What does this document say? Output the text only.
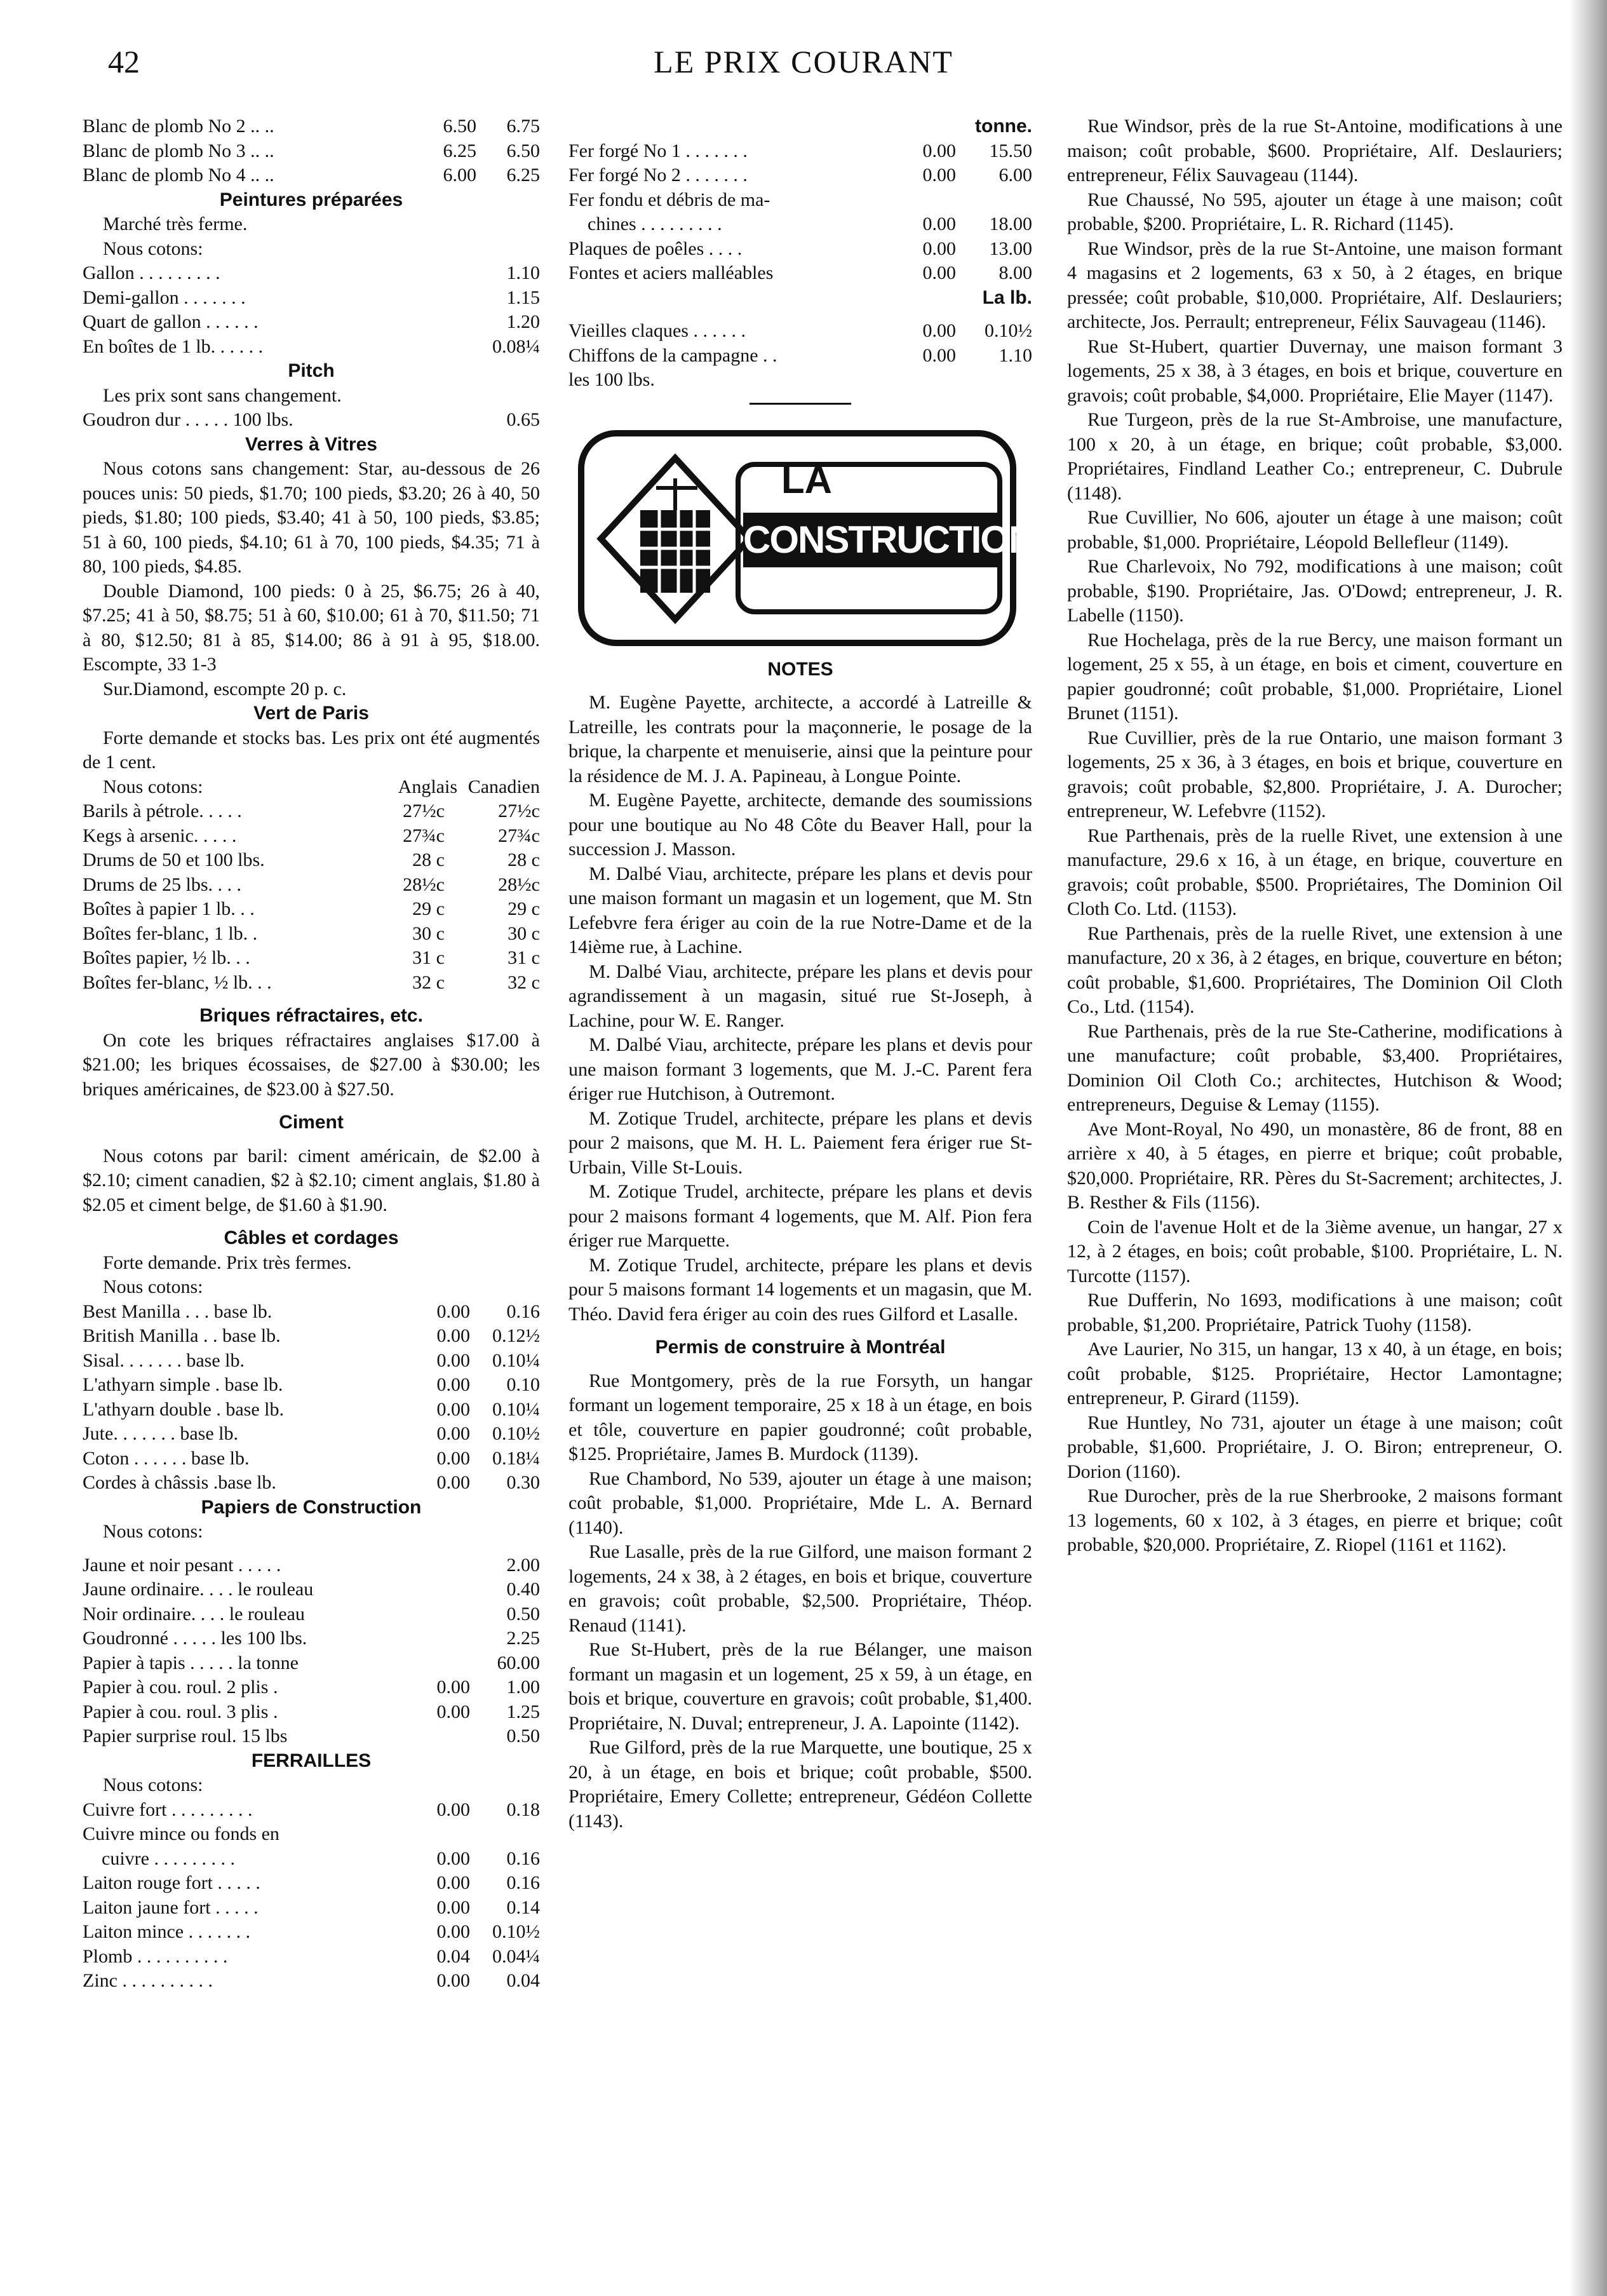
42	LE PRIX COURANT
Blanc de plomb No 2 .. ..	6.50	6.75
Blanc de plomb No 3 .. ..	6.25	6.50
Blanc de plomb No 4 .. ..	6.00	6.25
Peintures préparées
Marché très ferme.
Nous cotons:
Gallon . . . . . . . . .	1.10
Demi-gallon . . . . . . .	1.15
Quart de gallon . . . . . .	1.20
En boîtes de 1 lb. . . . . .	0.08¼
Pitch
Les prix sont sans changement.
Goudron dur . . . . . 100 lbs.	0.65
Verres à Vitres
Nous cotons sans changement: Star, au-dessous de 26 pouces unis: 50 pieds, $1.70; 100 pieds, $3.20; 26 à 40, 50 pieds, $1.80; 100 pieds, $3.40; 41 à 50, 100 pieds, $3.85; 51 à 60, 100 pieds, $4.10; 61 à 70, 100 pieds, $4.35; 71 à 80, 100 pieds, $4.85.
Double Diamond, 100 pieds: 0 à 25, $6.75; 26 à 40, $7.25; 41 à 50, $8.75; 51 à 60, $10.00; 61 à 70, $11.50; 71 à 80, $12.50; 81 à 85, $14.00; 86 à 91 à 95, $18.00. Escompte, 33 1-3
Sur.Diamond, escompte 20 p. c.
Vert de Paris
Forte demande et stocks bas. Les prix ont été augmentés de 1 cent.
Nous cotons:	Anglais Canadien
Barils à pétrole. . . . .	27½c	27½c
Kegs à arsenic. . . . .	27¾c	27¾c
Drums de 50 et 100 lbs.	28 c	28 c
Drums de 25 lbs. . . .	28½c	28½c
Boîtes à papier 1 lb. . .	29 c	29 c
Boîtes fer-blanc, 1 lb. .	30 c	30 c
Boîtes papier, ½ lb. . .	31 c	31 c
Boîtes fer-blanc, ½ lb. . .	32 c	32 c
Briques réfractaires, etc.
On cote les briques réfractaires anglaises $17.00 à $21.00; les briques écossaises, de $27.00 à $30.00; les briques américaines, de $23.00 à $27.50.
Ciment
Nous cotons par baril: ciment américain, de $2.00 à $2.10; ciment canadien, $2 à $2.10; ciment anglais, $1.80 à $2.05 et ciment belge, de $1.60 à $1.90.
Câbles et cordages
Forte demande. Prix très fermes.
Nous cotons:
Best Manilla . . . base lb.	0.00	0.16
British Manilla . . base lb.	0.00	0.12½
Sisal. . . . . . . base lb.	0.00	0.10¼
L'athyarn simple . base lb.	0.00	0.10
L'athyarn double . base lb.	0.00	0.10¼
Jute. . . . . . . base lb.	0.00	0.10½
Coton . . . . . . base lb.	0.00	0.18¼
Cordes à châssis .base lb.	0.00	0.30
Papiers de Construction
Nous cotons:
Jaune et noir pesant . . . . .	2.00
Jaune ordinaire. . . . le rouleau	0.40
Noir ordinaire. . . . le rouleau	0.50
Goudronné . . . . . les 100 lbs.	2.25
Papier à tapis . . . . . la tonne	60.00
Papier à cou. roul. 2 plis .	0.00	1.00
Papier à cou. roul. 3 plis .	0.00	1.25
Papier surprise roul. 15 lbs	0.50
FERRAILLES
Nous cotons:
Cuivre fort . . . . . . . . .	0.00	0.18
Cuivre mince ou fonds en
cuivre . . . . . . . . .	0.00	0.16
Laiton rouge fort . . . . .	0.00	0.16
Laiton jaune fort . . . . .	0.00	0.14
Laiton mince . . . . . . .	0.00	0.10½
Plomb . . . . . . . . . .	0.04	0.04¼
Zinc . . . . . . . . . .	0.00	0.04
tonne.
Fer forgé No 1 . . . . . . .	0.00	15.50
Fer forgé No 2 . . . . . . .	0.00	6.00
Fer fondu et débris de ma-
chines . . . . . . . . .	0.00	18.00
Plaques de poêles . . . .	0.00	13.00
Fontes et aciers malléables	0.00	8.00
La lb.
Vieilles claques . . . . . .	0.00	0.10½
Chiffons de la campagne . .	0.00	1.10
les 100 lbs.
LA
CONSTRUCTION
NOTES
M. Eugène Payette, architecte, a accordé à Latreille & Latreille, les contrats pour la maçonnerie, le posage de la brique, la charpente et menuiserie, ainsi que la peinture pour la résidence de M. J. A. Papineau, à Longue Pointe.
M. Eugène Payette, architecte, demande des soumissions pour une boutique au No 48 Côte du Beaver Hall, pour la succession J. Masson.
M. Dalbé Viau, architecte, prépare les plans et devis pour une maison formant un magasin et un logement, que M. Stn Lefebvre fera ériger au coin de la rue Notre-Dame et de la 14ième rue, à Lachine.
M. Dalbé Viau, architecte, prépare les plans et devis pour agrandissement à un magasin, situé rue St-Joseph, à Lachine, pour W. E. Ranger.
M. Dalbé Viau, architecte, prépare les plans et devis pour une maison formant 3 logements, que M. J.-C. Parent fera ériger rue Hutchison, à Outremont.
M. Zotique Trudel, architecte, prépare les plans et devis pour 2 maisons, que M. H. L. Paiement fera ériger rue St-Urbain, Ville St-Louis.
M. Zotique Trudel, architecte, prépare les plans et devis pour 2 maisons formant 4 logements, que M. Alf. Pion fera ériger rue Marquette.
M. Zotique Trudel, architecte, prépare les plans et devis pour 5 maisons formant 14 logements et un magasin, que M. Théo. David fera ériger au coin des rues Gilford et Lasalle.
Permis de construire à Montréal
Rue Montgomery, près de la rue Forsyth, un hangar formant un logement temporaire, 25 x 18 à un étage, en bois et tôle, couverture en papier goudronné; coût probable, $125. Propriétaire, James B. Murdock (1139).
Rue Chambord, No 539, ajouter un étage à une maison; coût probable, $1,000. Propriétaire, Mde L. A. Bernard (1140).
Rue Lasalle, près de la rue Gilford, une maison formant 2 logements, 24 x 38, à 2 étages, en bois et brique, couverture en gravois; coût probable, $2,500. Propriétaire, Théop. Renaud (1141).
Rue St-Hubert, près de la rue Bélanger, une maison formant un magasin et un logement, 25 x 59, à un étage, en bois et brique, couverture en gravois; coût probable, $1,400. Propriétaire, N. Duval; entrepreneur, J. A. Lapointe (1142).
Rue Gilford, près de la rue Marquette, une boutique, 25 x 20, à un étage, en bois et brique; coût probable, $500. Propriétaire, Emery Collette; entrepreneur, Gédéon Collette (1143).
Rue Windsor, près de la rue St-Antoine, modifications à une maison; coût probable, $600. Propriétaire, Alf. Deslauriers; entrepreneur, Félix Sauvageau (1144).
Rue Chaussé, No 595, ajouter un étage à une maison; coût probable, $200. Propriétaire, L. R. Richard (1145).
Rue Windsor, près de la rue St-Antoine, une maison formant 4 magasins et 2 logements, 63 x 50, à 2 étages, en brique pressée; coût probable, $10,000. Propriétaire, Alf. Deslauriers; architecte, Jos. Perrault; entrepreneur, Félix Sauvageau (1146).
Rue St-Hubert, quartier Duvernay, une maison formant 3 logements, 25 x 38, à 3 étages, en bois et brique, couverture en gravois; coût probable, $4,000. Propriétaire, Elie Mayer (1147).
Rue Turgeon, près de la rue St-Ambroise, une manufacture, 100 x 20, à un étage, en brique; coût probable, $3,000. Propriétaires, Findland Leather Co.; entrepreneur, C. Dubrule (1148).
Rue Cuvillier, No 606, ajouter un étage à une maison; coût probable, $1,000. Propriétaire, Léopold Bellefleur (1149).
Rue Charlevoix, No 792, modifications à une maison; coût probable, $190. Propriétaire, Jas. O'Dowd; entrepreneur, J. R. Labelle (1150).
Rue Hochelaga, près de la rue Bercy, une maison formant un logement, 25 x 55, à un étage, en bois et ciment, couverture en papier goudronné; coût probable, $1,000. Propriétaire, Lionel Brunet (1151).
Rue Cuvillier, près de la rue Ontario, une maison formant 3 logements, 25 x 36, à 3 étages, en bois et brique, couverture en gravois; coût probable, $2,800. Propriétaire, J. A. Durocher; entrepreneur, W. Lefebvre (1152).
Rue Parthenais, près de la ruelle Rivet, une extension à une manufacture, 29.6 x 16, à un étage, en brique, couverture en gravois; coût probable, $500. Propriétaires, The Dominion Oil Cloth Co. Ltd. (1153).
Rue Parthenais, près de la ruelle Rivet, une extension à une manufacture, 20 x 36, à 2 étages, en brique, couverture en béton; coût probable, $1,600. Propriétaires, The Dominion Oil Cloth Co., Ltd. (1154).
Rue Parthenais, près de la rue Ste-Catherine, modifications à une manufacture; coût probable, $3,400. Propriétaires, Dominion Oil Cloth Co.; architectes, Hutchison & Wood; entrepreneurs, Deguise & Lemay (1155).
Ave Mont-Royal, No 490, un monastère, 86 de front, 88 en arrière x 40, à 5 étages, en pierre et brique; coût probable, $20,000. Propriétaire, RR. Pères du St-Sacrement; architectes, J. B. Resther & Fils (1156).
Coin de l'avenue Holt et de la 3ième avenue, un hangar, 27 x 12, à 2 étages, en bois; coût probable, $100. Propriétaire, L. N. Turcotte (1157).
Rue Dufferin, No 1693, modifications à une maison; coût probable, $1,200. Propriétaire, Patrick Tuohy (1158).
Ave Laurier, No 315, un hangar, 13 x 40, à un étage, en bois; coût probable, $125. Propriétaire, Hector Lamontagne; entrepreneur, P. Girard (1159).
Rue Huntley, No 731, ajouter un étage à une maison; coût probable, $1,600. Propriétaire, J. O. Biron; entrepreneur, O. Dorion (1160).
Rue Durocher, près de la rue Sherbrooke, 2 maisons formant 13 logements, 60 x 102, à 3 étages, en pierre et brique; coût probable, $20,000. Propriétaire, Z. Riopel (1161 et 1162).
